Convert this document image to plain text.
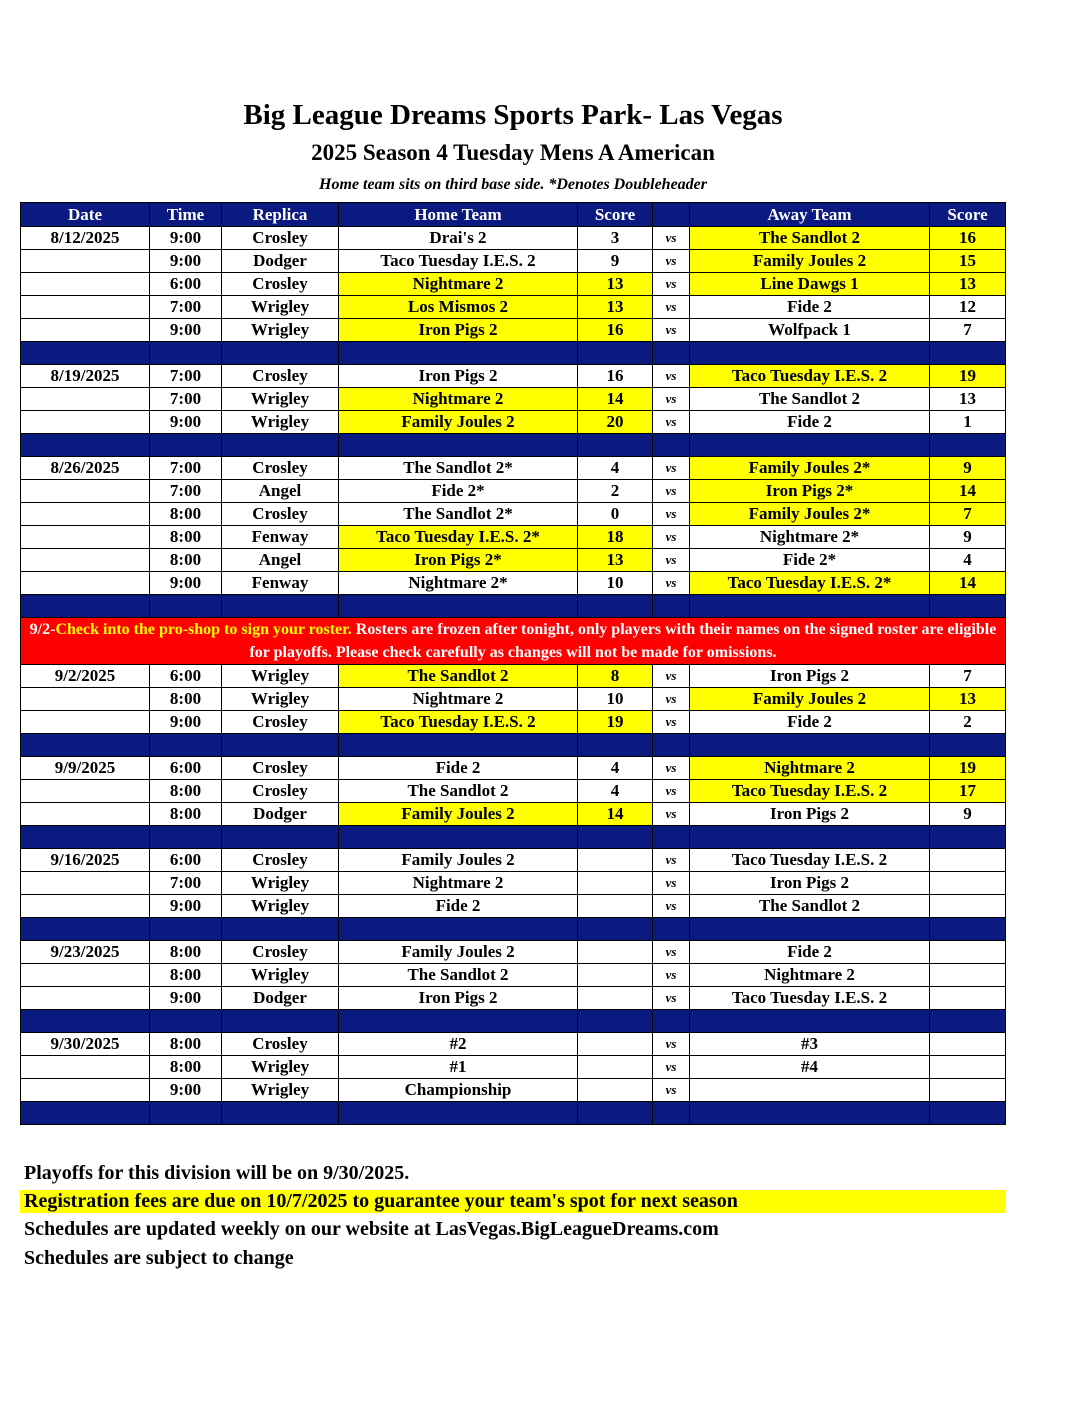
Big League Dreams Sports Park- Las Vegas
2025 Season 4 Tuesday Mens A American
Home team sits on third base side. *Denotes Doubleheader
Date	Time	Replica	Home Team	Score		Away Team	Score
8/12/2025	9:00	Crosley	Drai's 2	3	vs	The Sandlot 2	16
	9:00	Dodger	Taco Tuesday I.E.S. 2	9	vs	Family Joules 2	15
	6:00	Crosley	Nightmare 2	13	vs	Line Dawgs 1	13
	7:00	Wrigley	Los Mismos 2	13	vs	Fide 2	12
	9:00	Wrigley	Iron Pigs 2	16	vs	Wolfpack 1	7

8/19/2025	7:00	Crosley	Iron Pigs 2	16	vs	Taco Tuesday I.E.S. 2	19
	7:00	Wrigley	Nightmare 2	14	vs	The Sandlot 2	13
	9:00	Wrigley	Family Joules 2	20	vs	Fide 2	1

8/26/2025	7:00	Crosley	The Sandlot 2*	4	vs	Family Joules 2*	9
	7:00	Angel	Fide 2*	2	vs	Iron Pigs 2*	14
	8:00	Crosley	The Sandlot 2*	0	vs	Family Joules 2*	7
	8:00	Fenway	Taco Tuesday I.E.S. 2*	18	vs	Nightmare 2*	9
	8:00	Angel	Iron Pigs 2*	13	vs	Fide 2*	4
	9:00	Fenway	Nightmare 2*	10	vs	Taco Tuesday I.E.S. 2*	14

9/2-Check into the pro-shop to sign your roster. Rosters are frozen after tonight, only players with their names on the signed roster are eligible for playoffs. Please check carefully as changes will not be made for omissions.							
9/2/2025	6:00	Wrigley	The Sandlot 2	8	vs	Iron Pigs 2	7
	8:00	Wrigley	Nightmare 2	10	vs	Family Joules 2	13
	9:00	Crosley	Taco Tuesday I.E.S. 2	19	vs	Fide 2	2

9/9/2025	6:00	Crosley	Fide 2	4	vs	Nightmare 2	19
	8:00	Crosley	The Sandlot 2	4	vs	Taco Tuesday I.E.S. 2	17
	8:00	Dodger	Family Joules 2	14	vs	Iron Pigs 2	9

9/16/2025	6:00	Crosley	Family Joules 2		vs	Taco Tuesday I.E.S. 2	
	7:00	Wrigley	Nightmare 2		vs	Iron Pigs 2	
	9:00	Wrigley	Fide 2		vs	The Sandlot 2	

9/23/2025	8:00	Crosley	Family Joules 2		vs	Fide 2	
	8:00	Wrigley	The Sandlot 2		vs	Nightmare 2	
	9:00	Dodger	Iron Pigs 2		vs	Taco Tuesday I.E.S. 2	

9/30/2025	8:00	Crosley	#2		vs	#3	
	8:00	Wrigley	#1		vs	#4	
	9:00	Wrigley	Championship		vs		

Playoffs for this division will be on 9/30/2025.
Registration fees are due on 10/7/2025 to guarantee your team's spot for next season
Schedules are updated weekly on our website at LasVegas.BigLeagueDreams.com
Schedules are subject to change
